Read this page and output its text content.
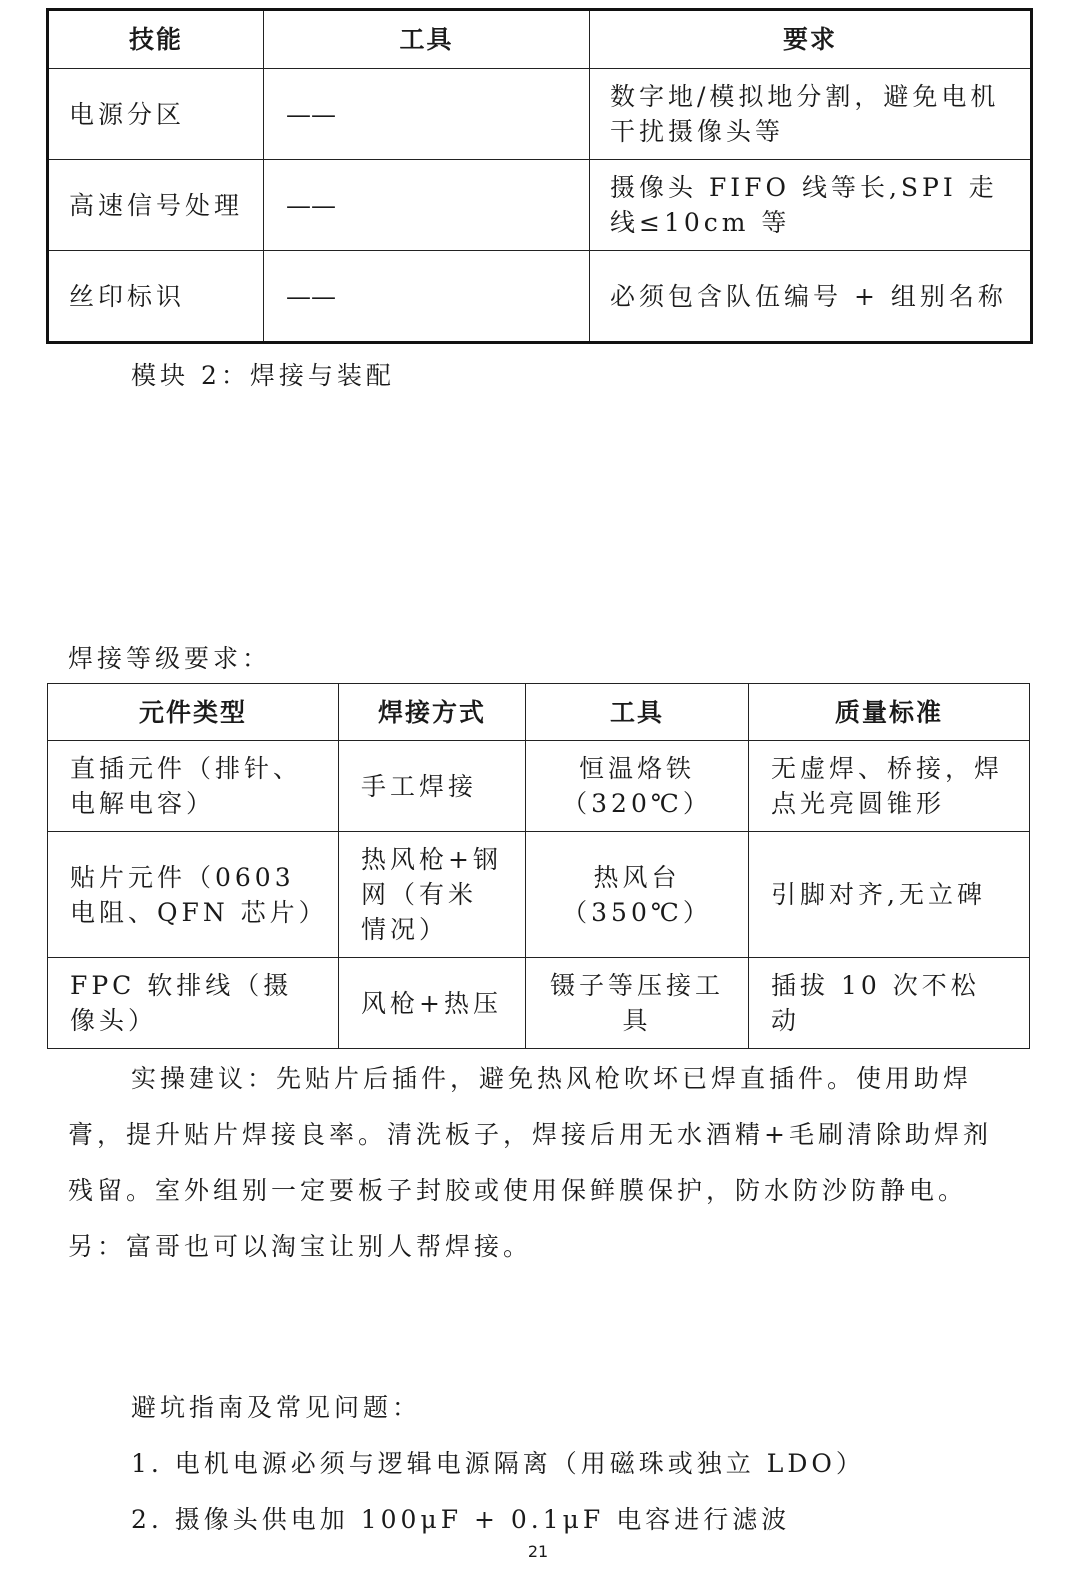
技能	工具	要求
电源分区	——	数字地/模拟地分割，避免电机干扰摄像头等
高速信号处理	——	摄像头 FIFO 线等长,SPI 走线≤10cm 等
丝印标识	——	必须包含队伍编号 + 组别名称
模块 2：焊接与装配
焊接等级要求：
元件类型	焊接方式	工具	质量标准
直插元件（排针、电解电容）	手工焊接	恒温烙铁（320℃）	无虚焊、桥接，焊点光亮圆锥形
贴片元件（0603 电阻、QFN 芯片）	热风枪+钢网（有米情况）	热风台（350℃）	引脚对齐,无立碑
FPC 软排线（摄像头）	风枪+热压	镊子等压接工具	插拔 10 次不松动
实操建议：先贴片后插件，避免热风枪吹坏已焊直插件。使用助焊膏，提升贴片焊接良率。清洗板子，焊接后用无水酒精+毛刷清除助焊剂残留。室外组别一定要板子封胶或使用保鲜膜保护，防水防沙防静电。另：富哥也可以淘宝让别人帮焊接。
避坑指南及常见问题：
1. 电机电源必须与逻辑电源隔离（用磁珠或独立 LDO）
2. 摄像头供电加 100μF + 0.1μF 电容进行滤波
21
